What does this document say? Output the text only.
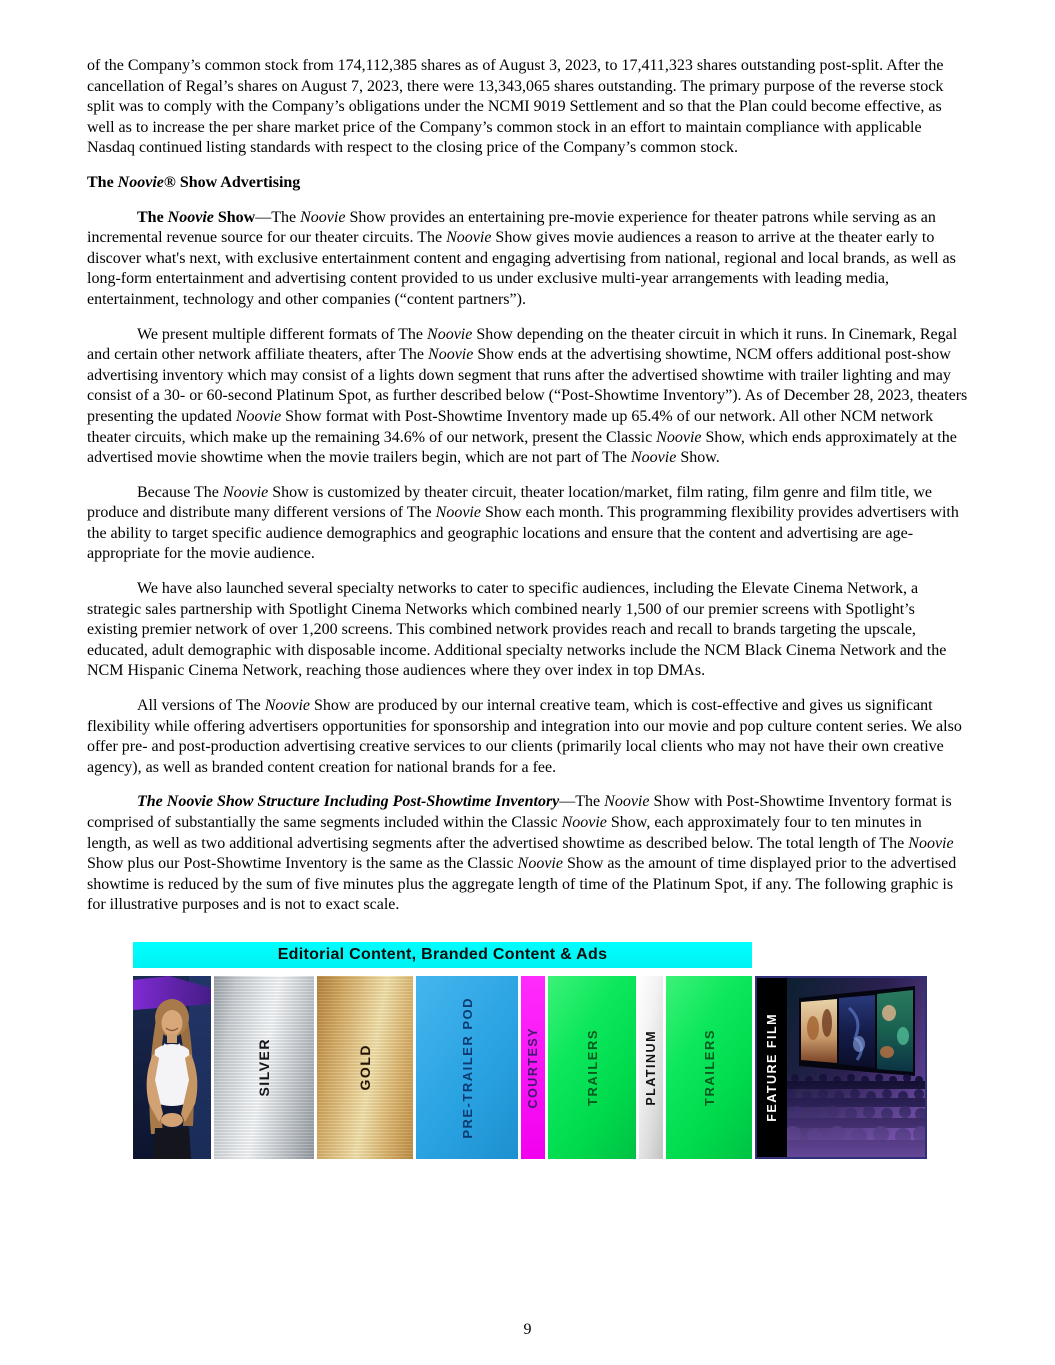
of the Company’s common stock from 174,112,385 shares as of August 3, 2023, to 17,411,323 shares outstanding post-split. After the cancellation of Regal’s shares on August 7, 2023, there were 13,343,065 shares outstanding. The primary purpose of the reverse stock split was to comply with the Company’s obligations under the NCMI 9019 Settlement and so that the Plan could become effective, as well as to increase the per share market price of the Company’s common stock in an effort to maintain compliance with applicable Nasdaq continued listing standards with respect to the closing price of the Company’s common stock.

The Noovie® Show Advertising

The Noovie Show—The Noovie Show provides an entertaining pre-movie experience for theater patrons while serving as an incremental revenue source for our theater circuits. The Noovie Show gives movie audiences a reason to arrive at the theater early to discover what's next, with exclusive entertainment content and engaging advertising from national, regional and local brands, as well as long-form entertainment and advertising content provided to us under exclusive multi-year arrangements with leading media, entertainment, technology and other companies (“content partners”).

We present multiple different formats of The Noovie Show depending on the theater circuit in which it runs. In Cinemark, Regal and certain other network affiliate theaters, after The Noovie Show ends at the advertising showtime, NCM offers additional post-show advertising inventory which may consist of a lights down segment that runs after the advertised showtime with trailer lighting and may consist of a 30- or 60-second Platinum Spot, as further described below (“Post-Showtime Inventory”). As of December 28, 2023, theaters presenting the updated Noovie Show format with Post-Showtime Inventory made up 65.4% of our network. All other NCM network theater circuits, which make up the remaining 34.6% of our network, present the Classic Noovie Show, which ends approximately at the advertised movie showtime when the movie trailers begin, which are not part of The Noovie Show.

Because The Noovie Show is customized by theater circuit, theater location/market, film rating, film genre and film title, we produce and distribute many different versions of The Noovie Show each month. This programming flexibility provides advertisers with the ability to target specific audience demographics and geographic locations and ensure that the content and advertising are age-appropriate for the movie audience.

We have also launched several specialty networks to cater to specific audiences, including the Elevate Cinema Network, a strategic sales partnership with Spotlight Cinema Networks which combined nearly 1,500 of our premier screens with Spotlight’s existing premier network of over 1,200 screens. This combined network provides reach and recall to brands targeting the upscale, educated, adult demographic with disposable income. Additional specialty networks include the NCM Black Cinema Network and the NCM Hispanic Cinema Network, reaching those audiences where they over index in top DMAs.

All versions of The Noovie Show are produced by our internal creative team, which is cost-effective and gives us significant flexibility while offering advertisers opportunities for sponsorship and integration into our movie and pop culture content series. We also offer pre- and post-production advertising creative services to our clients (primarily local clients who may not have their own creative agency), as well as branded content creation for national brands for a fee.

The Noovie Show Structure Including Post-Showtime Inventory—The Noovie Show with Post-Showtime Inventory format is comprised of substantially the same segments included within the Classic Noovie Show, each approximately four to ten minutes in length, as well as two additional advertising segments after the advertised showtime as described below. The total length of The Noovie Show plus our Post-Showtime Inventory is the same as the Classic Noovie Show as the amount of time displayed prior to the advertised showtime is reduced by the sum of five minutes plus the aggregate length of time of the Platinum Spot, if any. The following graphic is for illustrative purposes and is not to exact scale.

Editorial Content, Branded Content & Ads
SILVER	GOLD	PRE-TRAILER POD	COURTESY	TRAILERS	PLATINUM	TRAILERS	FEATURE FILM
9
